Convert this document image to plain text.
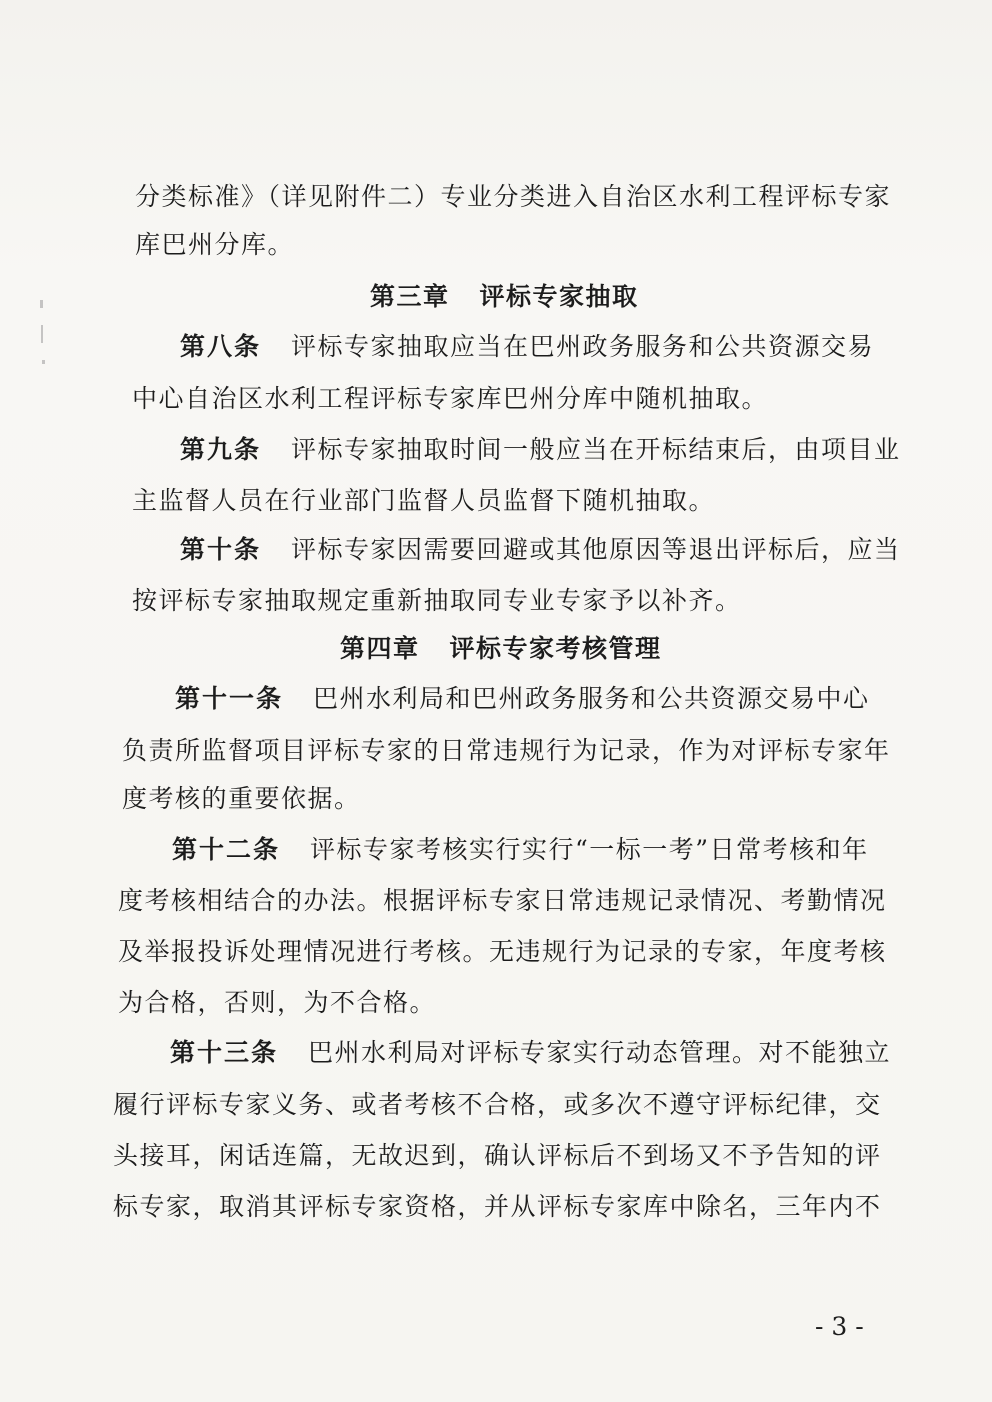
分类标准》（详见附件二）专业分类进入自治区水利工程评标专家
库巴州分库。
第三章 评标专家抽取
第八条 评标专家抽取应当在巴州政务服务和公共资源交易
中心自治区水利工程评标专家库巴州分库中随机抽取。
第九条 评标专家抽取时间一般应当在开标结束后，由项目业
主监督人员在行业部门监督人员监督下随机抽取。
第十条 评标专家因需要回避或其他原因等退出评标后，应当
按评标专家抽取规定重新抽取同专业专家予以补齐。
第四章 评标专家考核管理
第十一条 巴州水利局和巴州政务服务和公共资源交易中心
负责所监督项目评标专家的日常违规行为记录，作为对评标专家年
度考核的重要依据。
第十二条 评标专家考核实行实行“一标一考”日常考核和年
度考核相结合的办法。根据评标专家日常违规记录情况、考勤情况
及举报投诉处理情况进行考核。无违规行为记录的专家，年度考核
为合格，否则，为不合格。
第十三条 巴州水利局对评标专家实行动态管理。对不能独立
履行评标专家义务、或者考核不合格，或多次不遵守评标纪律，交
头接耳，闲话连篇，无故迟到，确认评标后不到场又不予告知的评
标专家，取消其评标专家资格，并从评标专家库中除名，三年内不
- 3 -
